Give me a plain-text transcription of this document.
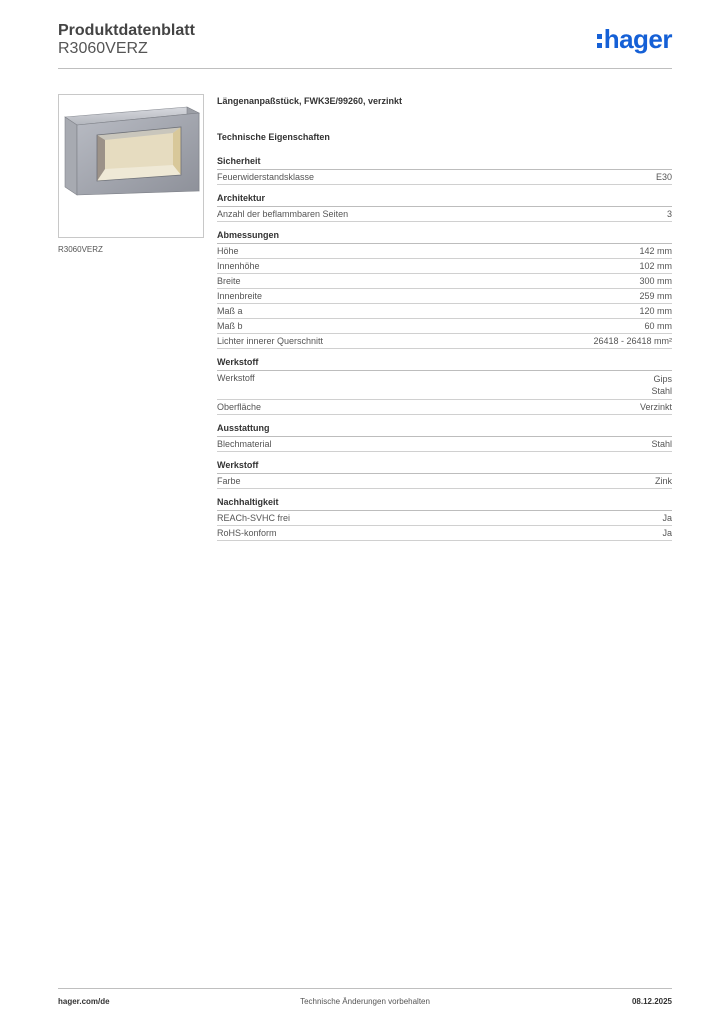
Produktdatenblatt
R3060VERZ	hager
R3060VERZ
Längenanpaßstück, FWK3E/99260, verzinkt
Technische Eigenschaften
Sicherheit
Feuerwiderstandsklasse	E30
Architektur
Anzahl der beflammbaren Seiten	3
Abmessungen
Höhe	142 mm
Innenhöhe	102 mm
Breite	300 mm
Innenbreite	259 mm
Maß a	120 mm
Maß b	60 mm
Lichter innerer Querschnitt	26418 - 26418 mm²
Werkstoff
Werkstoff	Gips
Stahl
Oberfläche	Verzinkt
Ausstattung
Blechmaterial	Stahl
Werkstoff
Farbe	Zink
Nachhaltigkeit
REACh-SVHC frei	Ja
RoHS-konform	Ja
hager.com/de	Technische Änderungen vorbehalten	08.12.2025
